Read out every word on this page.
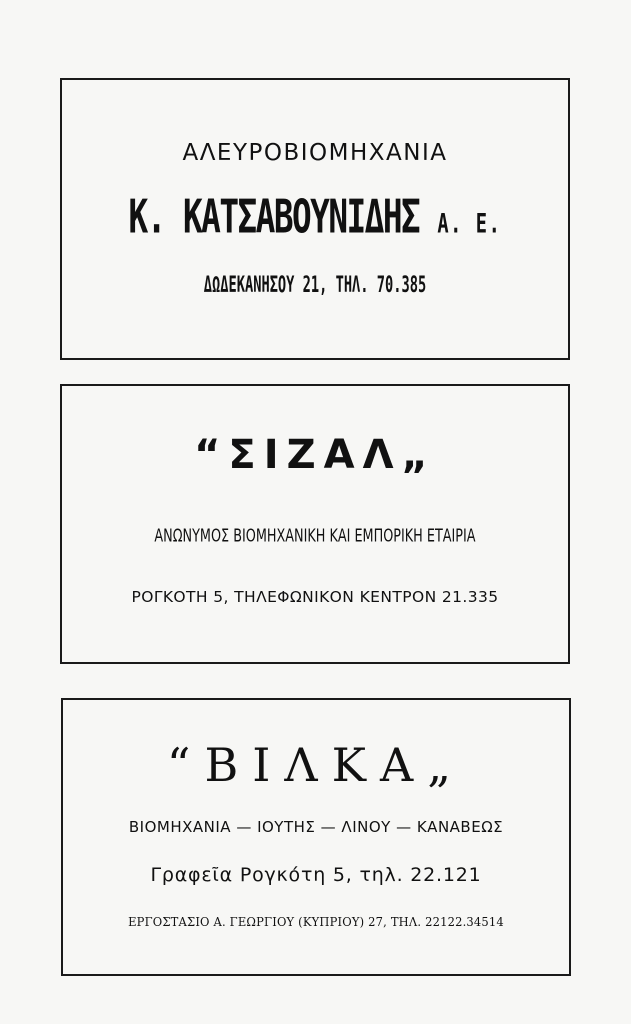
ΑΛΕΥΡΟΒΙΟΜΗΧΑΝΙΑ
Κ. ΚΑΤΣΑΒΟΥΝΙΔΗΣ Α. Ε.
ΔΩΔΕΚΑΝΗΣΟΥ 21, ΤΗΛ. 70.385
“ΣΙΖΑΛ„
ΑΝΩΝΥΜΟΣ ΒΙΟΜΗΧΑΝΙΚΗ ΚΑΙ ΕΜΠΟΡΙΚΗ ΕΤΑΙΡΙΑ
ΡΟΓΚΟΤΗ 5, ΤΗΛΕΦΩΝΙΚΟΝ ΚΕΝΤΡΟΝ 21.335
“ΒΙΛΚΑ„
ΒΙΟΜΗΧΑΝΙΑ — ΙΟΥΤΗΣ — ΛΙΝΟΥ — ΚΑΝΑΒΕΩΣ
Γραφεῖα Ρογκότη 5, τηλ. 22.121
ΕΡΓΟΣΤΑΣΙΟ Α. ΓΕΩΡΓΙΟΥ (ΚΥΠΡΙΟΥ) 27, ΤΗΛ. 22122.34514
